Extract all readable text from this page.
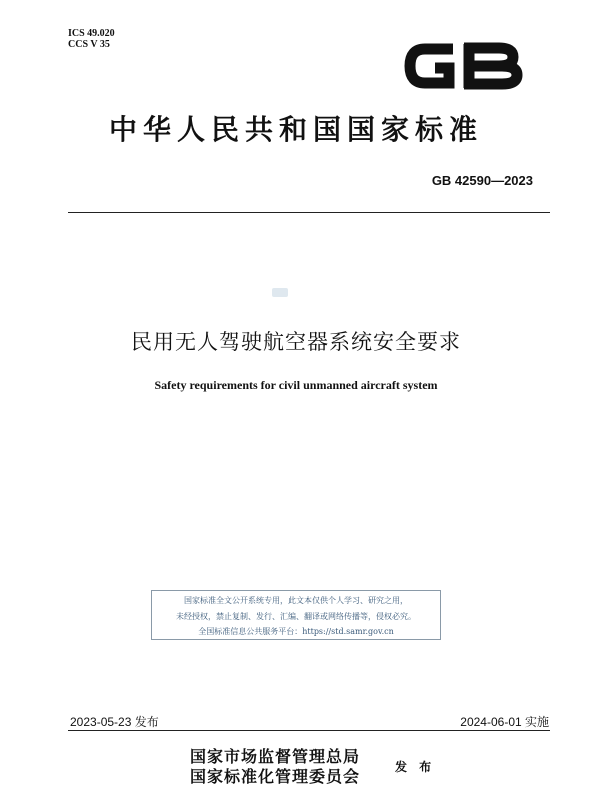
ICS 49.020
CCS V 35
中华人民共和国国家标准
GB 42590—2023
民用无人驾驶航空器系统安全要求
Safety requirements for civil unmanned aircraft system
国家标准全文公开系统专用，此文本仅供个人学习、研究之用，
未经授权，禁止复制、发行、汇编、翻译或网络传播等，侵权必究。
全国标准信息公共服务平台：https://std.samr.gov.cn
2023-05-23 发布	2024-06-01 实施
国家市场监督管理总局
国家标准化管理委员会	发 布
